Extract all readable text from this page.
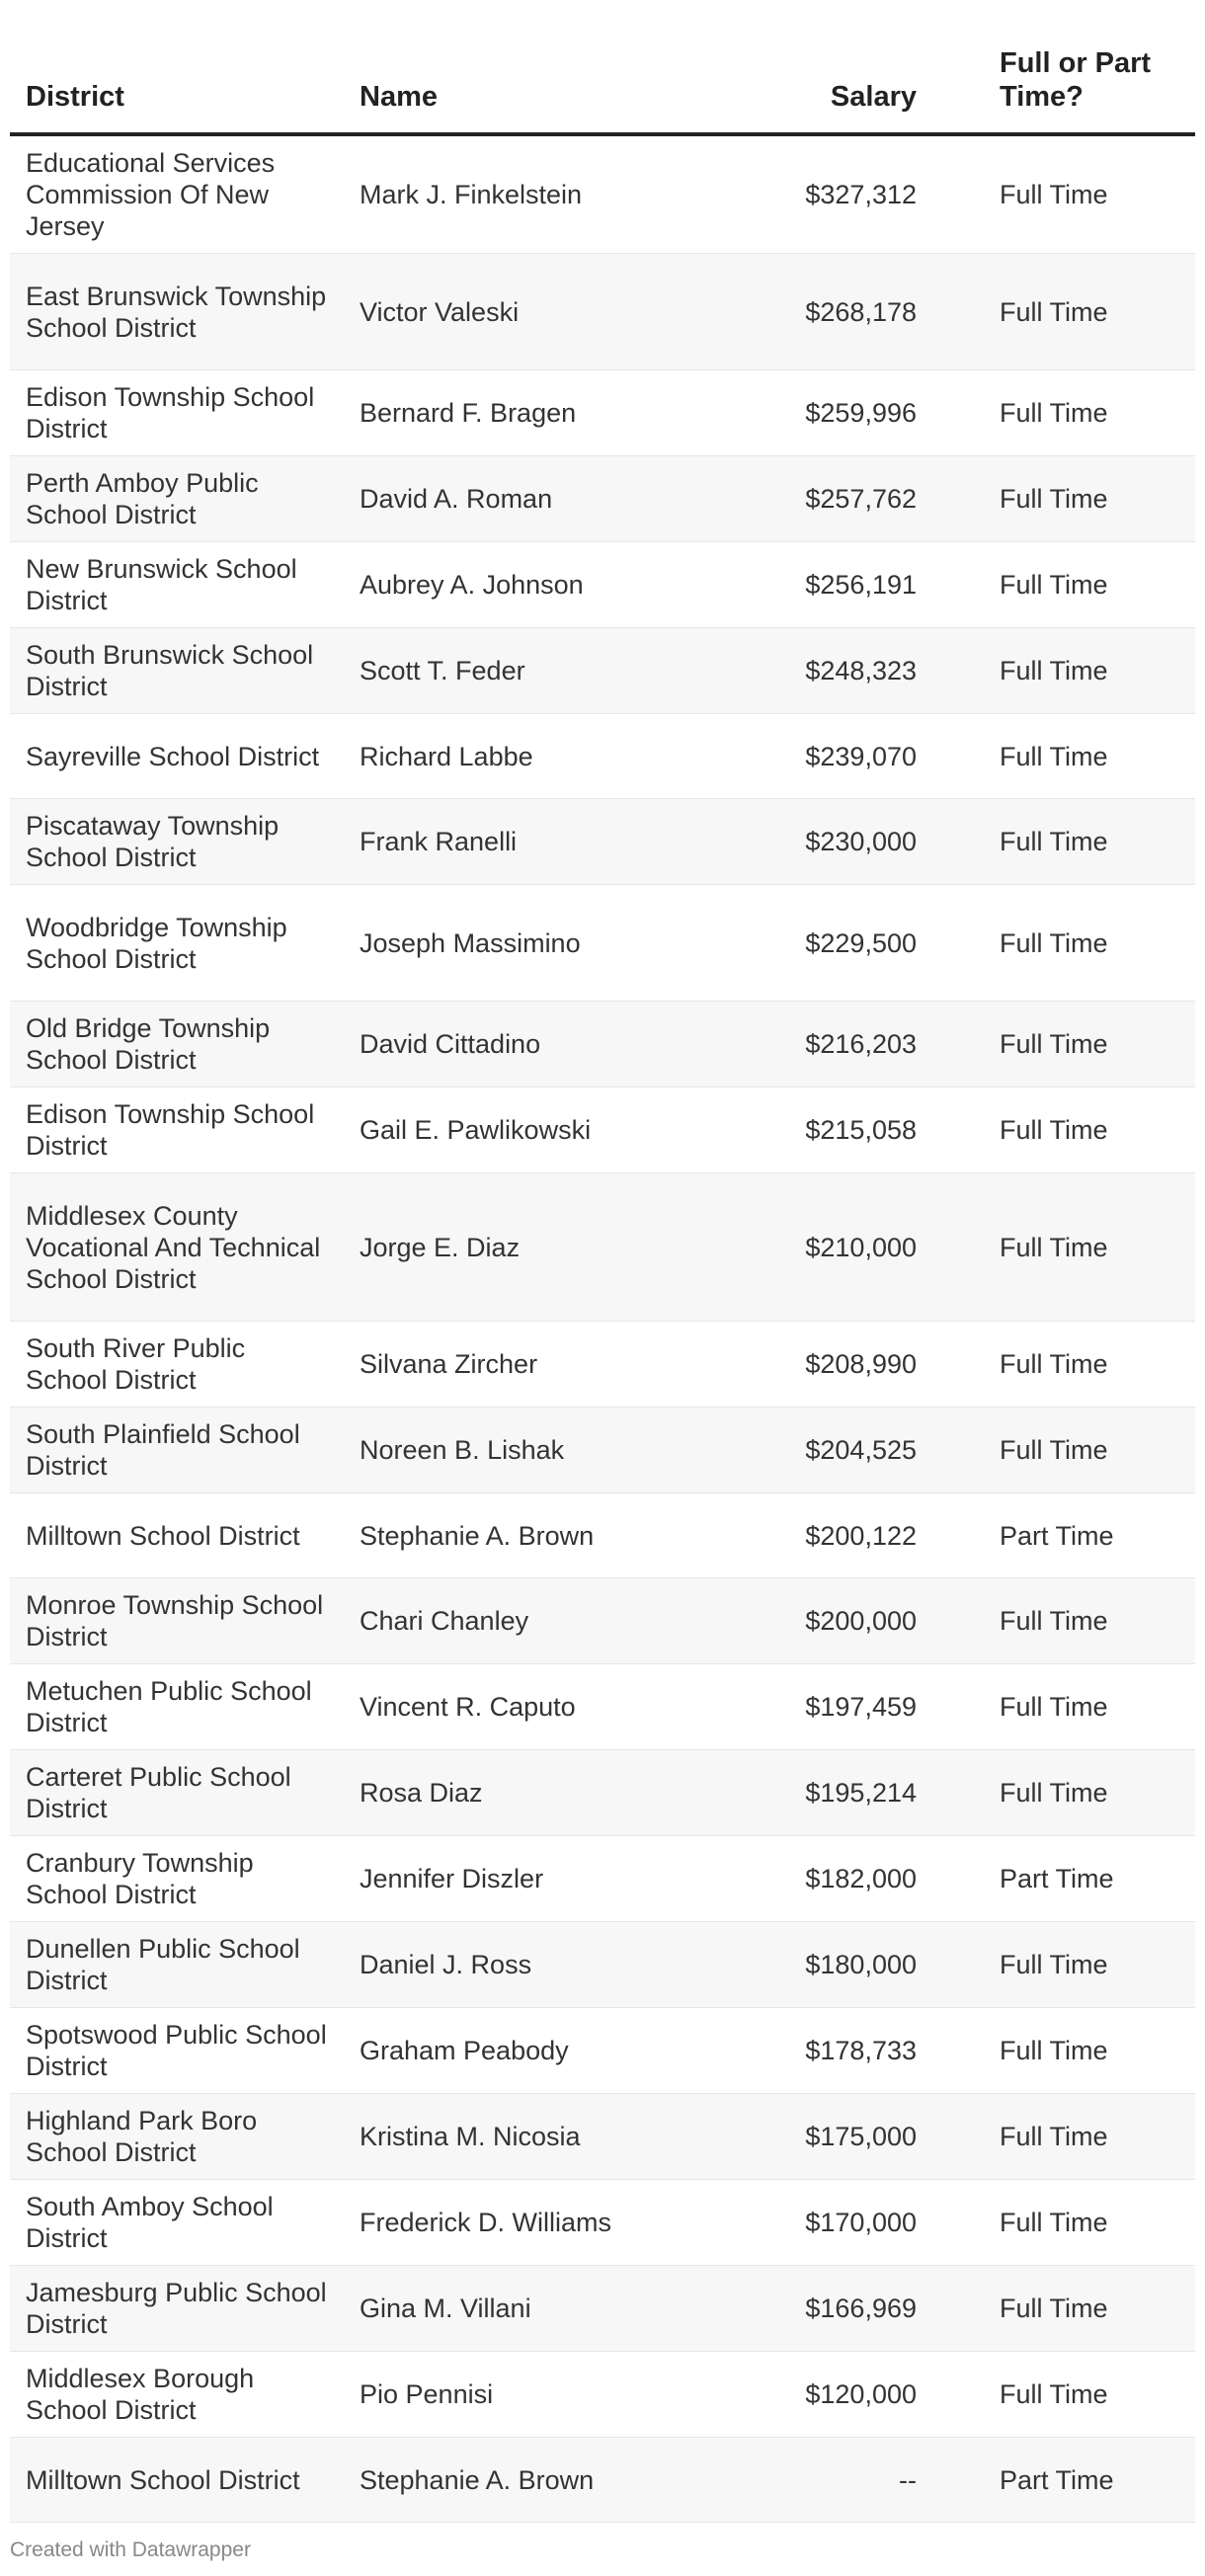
District	Name	Salary	Full or Part Time?
Educational Services Commission Of New Jersey	Mark J. Finkelstein	$327,312	Full Time
East Brunswick Township School District	Victor Valeski	$268,178	Full Time
Edison Township School District	Bernard F. Bragen	$259,996	Full Time
Perth Amboy Public School District	David A. Roman	$257,762	Full Time
New Brunswick School District	Aubrey A. Johnson	$256,191	Full Time
South Brunswick School District	Scott T. Feder	$248,323	Full Time
Sayreville School District	Richard Labbe	$239,070	Full Time
Piscataway Township School District	Frank Ranelli	$230,000	Full Time
Woodbridge Township School District	Joseph Massimino	$229,500	Full Time
Old Bridge Township School District	David Cittadino	$216,203	Full Time
Edison Township School District	Gail E. Pawlikowski	$215,058	Full Time
Middlesex County Vocational And Technical School District	Jorge E. Diaz	$210,000	Full Time
South River Public School District	Silvana Zircher	$208,990	Full Time
South Plainfield School District	Noreen B. Lishak	$204,525	Full Time
Milltown School District	Stephanie A. Brown	$200,122	Part Time
Monroe Township School District	Chari Chanley	$200,000	Full Time
Metuchen Public School District	Vincent R. Caputo	$197,459	Full Time
Carteret Public School District	Rosa Diaz	$195,214	Full Time
Cranbury Township School District	Jennifer Diszler	$182,000	Part Time
Dunellen Public School District	Daniel J. Ross	$180,000	Full Time
Spotswood Public School District	Graham Peabody	$178,733	Full Time
Highland Park Boro School District	Kristina M. Nicosia	$175,000	Full Time
South Amboy School District	Frederick D. Williams	$170,000	Full Time
Jamesburg Public School District	Gina M. Villani	$166,969	Full Time
Middlesex Borough School District	Pio Pennisi	$120,000	Full Time
Milltown School District	Stephanie A. Brown	--	Part Time
Created with Datawrapper
